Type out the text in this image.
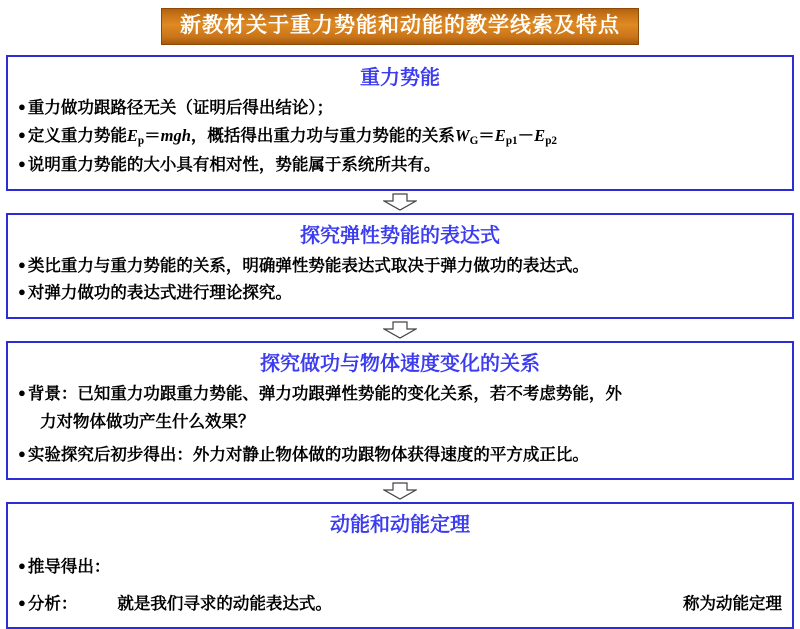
新教材关于重力势能和动能的教学线索及特点
重力势能
● 重力做功跟路径无关（证明后得出结论）；
● 定义重力势能$E_p=mgh$，概括得出重力功与重力势能的关系$W_G=E_{p1}-E_{p2}$
● 说明重力势能的大小具有相对性，势能属于系统所共有。
探究弹性势能的表达式
● 类比重力与重力势能的关系，明确弹性势能表达式取决于弹力做功的表达式。
● 对弹力做功的表达式进行理论探究。
探究做功与物体速度变化的关系
● 背景：已知重力功跟重力势能、弹力功跟弹性势能的变化关系，若不考虑势能，外
力对物体做功产生什么效果？
● 实验探究后初步得出：外力对静止物体做的功跟物体获得速度的平方成正比。
动能和动能定理
● 推导得出：
● 分析： 就是我们寻求的动能表达式。	称为动能定理
